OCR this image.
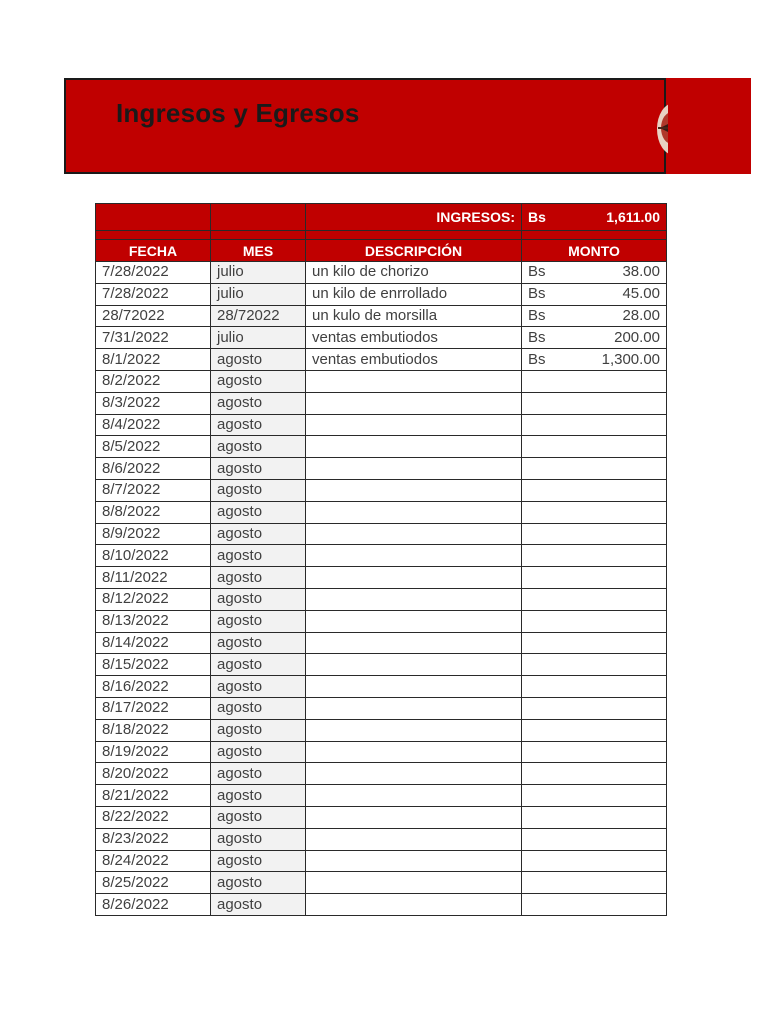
Ingresos y Egresos
		INGRESOS:	Bs 1,611.00

FECHA	MES	DESCRIPCIÓN	MONTO
7/28/2022	julio	un kilo de chorizo	Bs 38.00

7/28/2022	julio	un kilo de enrrollado	Bs 45.00

28/72022	28/72022	un kulo de morsilla	Bs 28.00

7/31/2022	julio	ventas embutiodos	Bs 200.00

8/1/2022	agosto	ventas embutiodos	Bs 1,300.00

8/2/2022	agosto		

8/3/2022	agosto		

8/4/2022	agosto		

8/5/2022	agosto		

8/6/2022	agosto		

8/7/2022	agosto		

8/8/2022	agosto		

8/9/2022	agosto		

8/10/2022	agosto		

8/11/2022	agosto		

8/12/2022	agosto		

8/13/2022	agosto		

8/14/2022	agosto		

8/15/2022	agosto		

8/16/2022	agosto		

8/17/2022	agosto		

8/18/2022	agosto		

8/19/2022	agosto		

8/20/2022	agosto		

8/21/2022	agosto		

8/22/2022	agosto		

8/23/2022	agosto		

8/24/2022	agosto		

8/25/2022	agosto		

8/26/2022	agosto		
